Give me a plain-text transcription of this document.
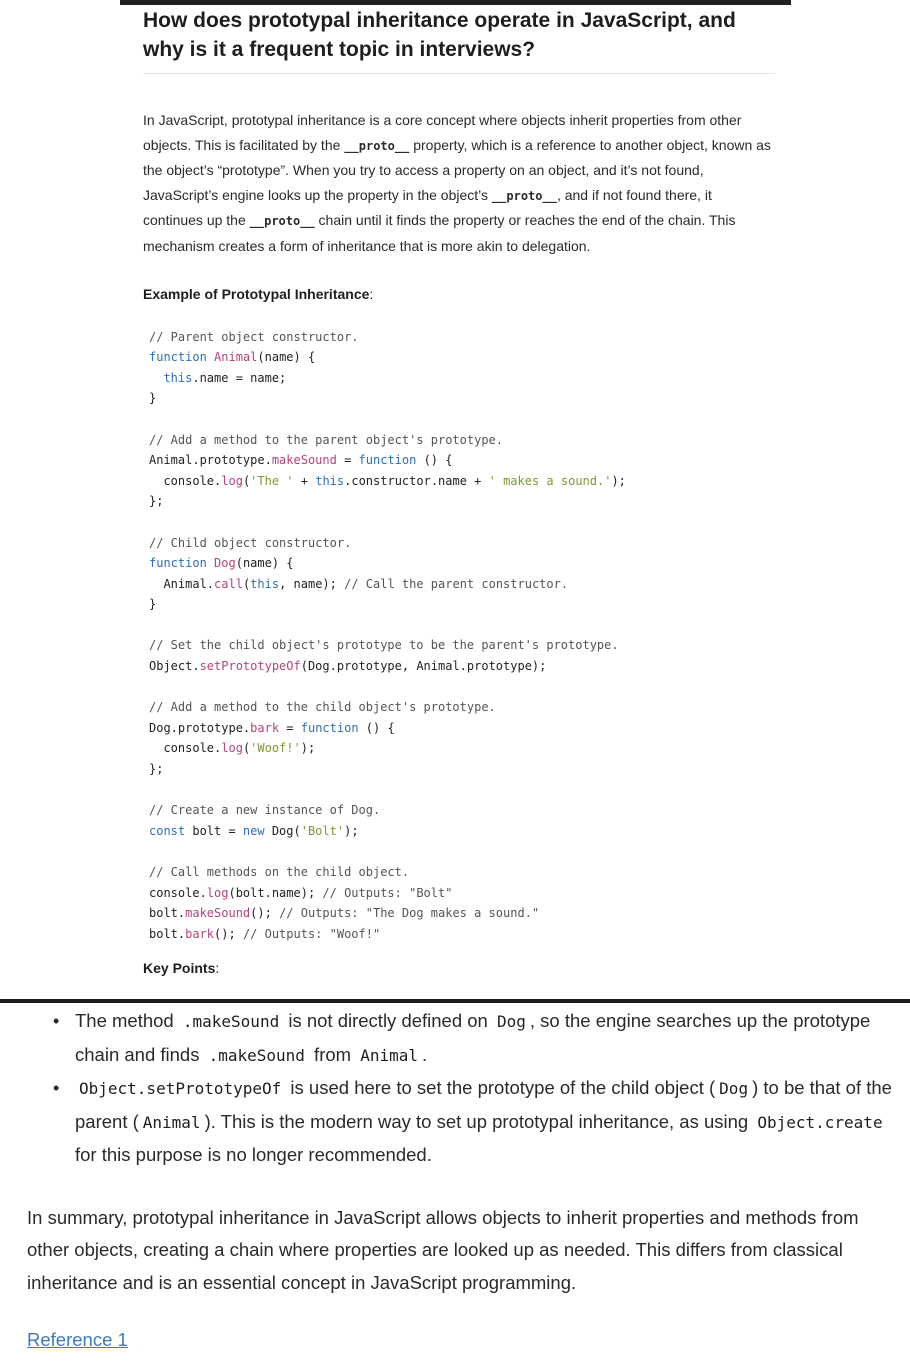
How does prototypal inheritance operate in JavaScript, and why is it a frequent topic in interviews?

In JavaScript, prototypal inheritance is a core concept where objects inherit properties from other objects. This is facilitated by the __proto__ property, which is a reference to another object, known as the object’s “prototype”. When you try to access a property on an object, and it’s not found, JavaScript’s engine looks up the property in the object’s __proto__, and if not found there, it continues up the __proto__ chain until it finds the property or reaches the end of the chain. This mechanism creates a form of inheritance that is more akin to delegation.

Example of Prototypal Inheritance:
// Parent object constructor.
function Animal(name) {
this.name = name;
}
// Add a method to the parent object's prototype.
Animal.prototype.makeSound = function () {
console.log('The ' + this.constructor.name + ' makes a sound.');
};
// Child object constructor.
function Dog(name) {
Animal.call(this, name); // Call the parent constructor.
}
// Set the child object's prototype to be the parent's prototype.
Object.setPrototypeOf(Dog.prototype, Animal.prototype);
// Add a method to the child object's prototype.
Dog.prototype.bark = function () {
console.log('Woof!');
};
// Create a new instance of Dog.
const bolt = new Dog('Bolt');
// Call methods on the child object.
console.log(bolt.name); // Outputs: "Bolt"
bolt.makeSound(); // Outputs: "The Dog makes a sound."
bolt.bark(); // Outputs: "Woof!"
Key Points:
• The method .makeSound is not directly defined on Dog , so the engine searches up the prototype chain and finds .makeSound from Animal .
• Object.setPrototypeOf is used here to set the prototype of the child object ( Dog ) to be that of the parent ( Animal ). This is the modern way to set up prototypal inheritance, as using Object.create for this purpose is no longer recommended.

In summary, prototypal inheritance in JavaScript allows objects to inherit properties and methods from other objects, creating a chain where properties are looked up as needed. This differs from classical inheritance and is an essential concept in JavaScript programming.

Reference 1
